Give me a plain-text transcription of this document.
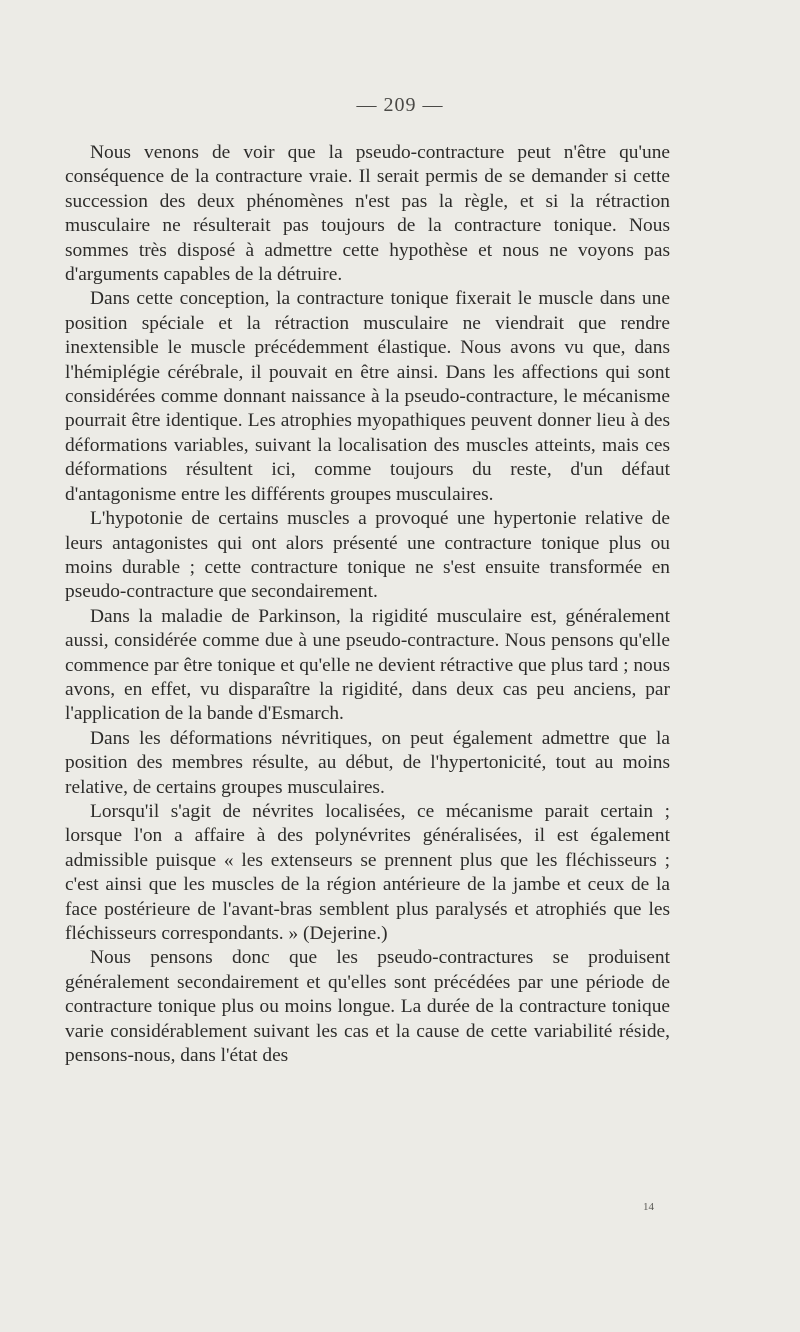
— 209 —

Nous venons de voir que la pseudo-contracture peut n'être qu'une conséquence de la contracture vraie. Il serait permis de se demander si cette succession des deux phénomènes n'est pas la règle, et si la rétraction musculaire ne résulterait pas toujours de la contracture tonique. Nous sommes très disposé à admettre cette hypothèse et nous ne voyons pas d'arguments capables de la détruire.

Dans cette conception, la contracture tonique fixerait le muscle dans une position spéciale et la rétraction musculaire ne viendrait que rendre inextensible le muscle précédemment élastique. Nous avons vu que, dans l'hémiplégie cérébrale, il pouvait en être ainsi. Dans les affections qui sont considérées comme donnant naissance à la pseudo-contracture, le mécanisme pourrait être identique. Les atrophies myopathiques peuvent donner lieu à des déformations variables, suivant la localisation des muscles atteints, mais ces déformations résultent ici, comme toujours du reste, d'un défaut d'antagonisme entre les différents groupes musculaires.

L'hypotonie de certains muscles a provoqué une hypertonie relative de leurs antagonistes qui ont alors présenté une contracture tonique plus ou moins durable ; cette contracture tonique ne s'est ensuite transformée en pseudo-contracture que secondairement.

Dans la maladie de Parkinson, la rigidité musculaire est, généralement aussi, considérée comme due à une pseudo-contracture. Nous pensons qu'elle commence par être tonique et qu'elle ne devient rétractive que plus tard ; nous avons, en effet, vu disparaître la rigidité, dans deux cas peu anciens, par l'application de la bande d'Esmarch.

Dans les déformations névritiques, on peut également admettre que la position des membres résulte, au début, de l'hypertonicité, tout au moins relative, de certains groupes musculaires.

Lorsqu'il s'agit de névrites localisées, ce mécanisme parait certain ; lorsque l'on a affaire à des polynévrites généralisées, il est également admissible puisque « les extenseurs se prennent plus que les fléchisseurs ; c'est ainsi que les muscles de la région antérieure de la jambe et ceux de la face postérieure de l'avant-bras semblent plus paralysés et atrophiés que les fléchisseurs correspondants. » (Dejerine.)

Nous pensons donc que les pseudo-contractures se produisent généralement secondairement et qu'elles sont précédées par une période de contracture tonique plus ou moins longue. La durée de la contracture tonique varie considérablement suivant les cas et la cause de cette variabilité réside, pensons-nous, dans l'état des

14
